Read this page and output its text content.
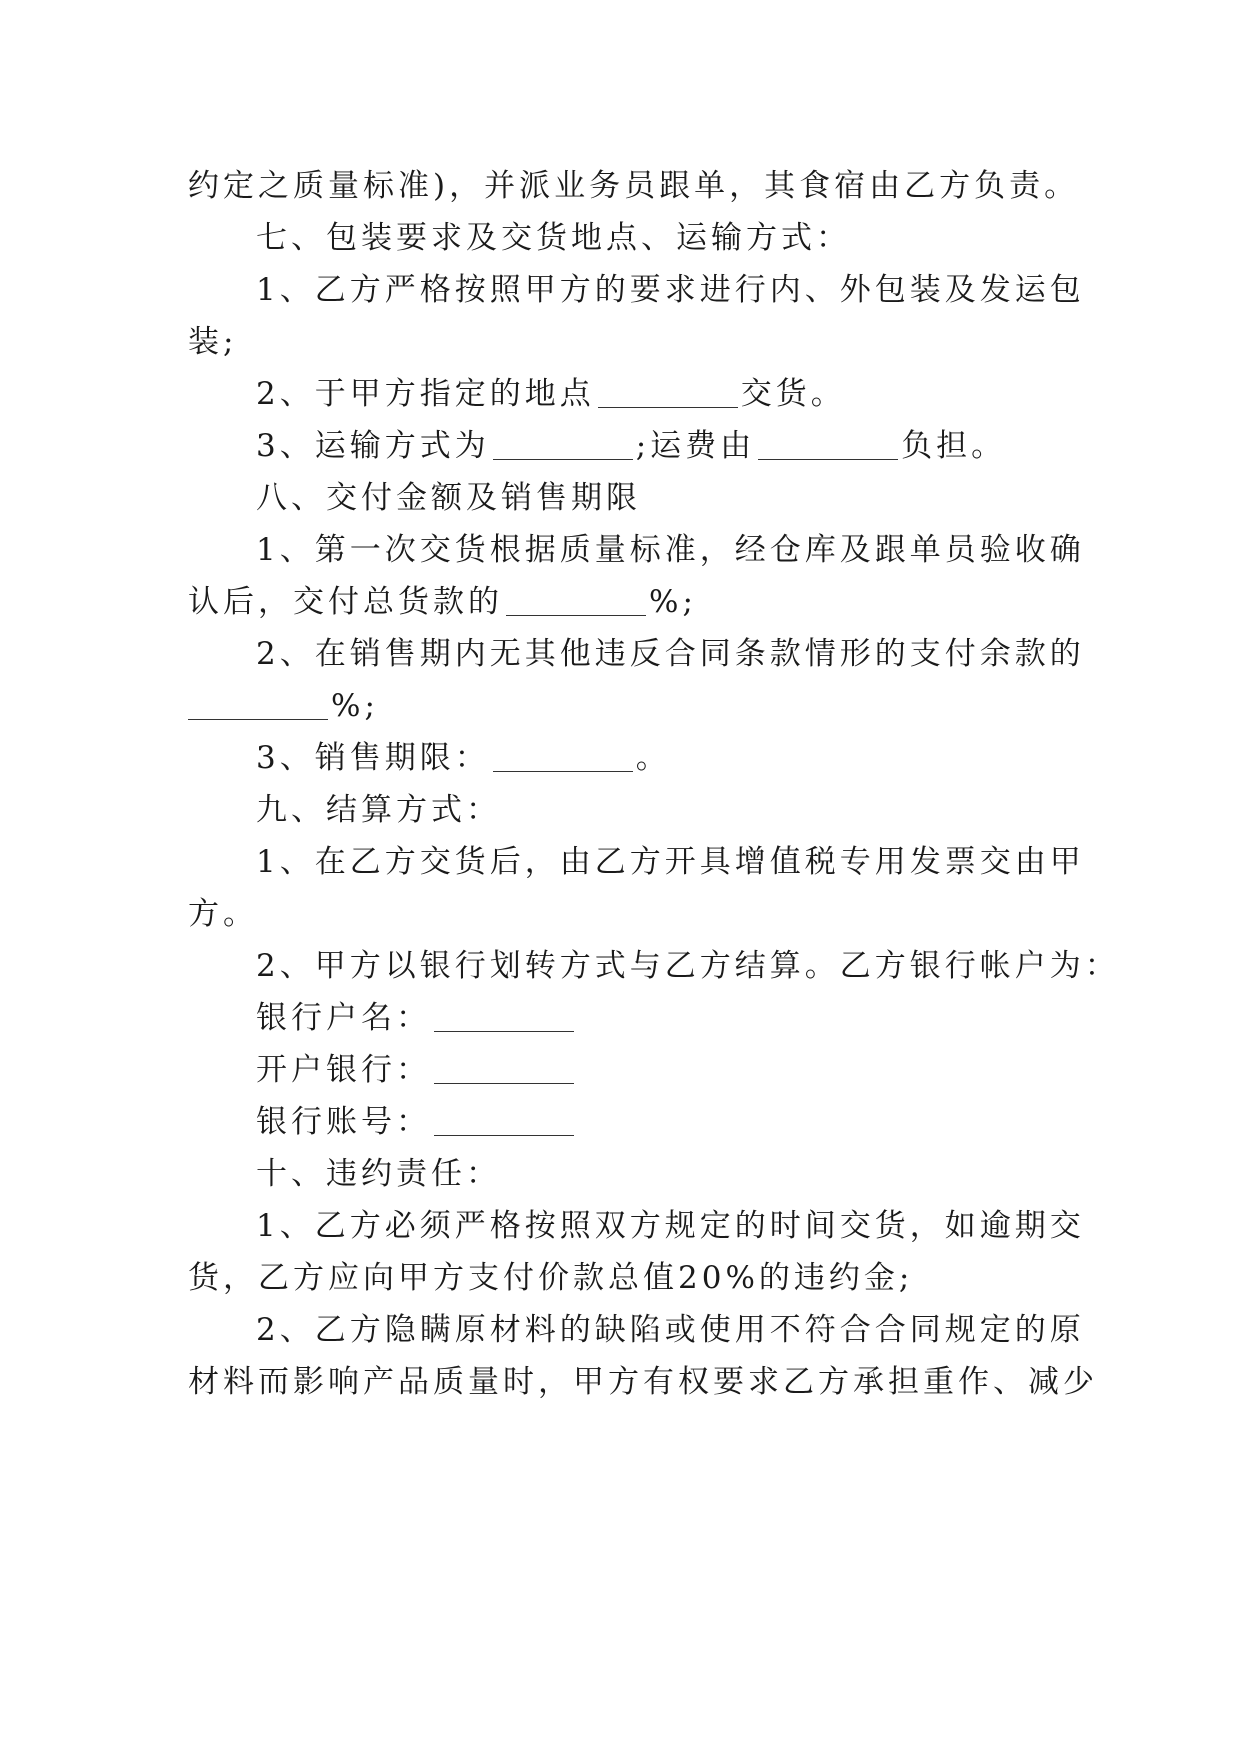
约定之质量标准)，并派业务员跟单，其食宿由乙方负责。
七、包装要求及交货地点、运输方式：
1、乙方严格按照甲方的要求进行内、外包装及发运包
装;
2、于甲方指定的地点	交货。
3、运输方式为	;运费由	负担。
八、交付金额及销售期限
1、第一次交货根据质量标准，经仓库及跟单员验收确
认后，交付总货款的	%;
2、在销售期内无其他违反合同条款情形的支付余款的
%;
3、销售期限：	。
九、结算方式：
1、在乙方交货后，由乙方开具增值税专用发票交由甲
方。
2、甲方以银行划转方式与乙方结算。乙方银行帐户为：
银行户名：
开户银行：
银行账号：
十、违约责任：
1、乙方必须严格按照双方规定的时间交货，如逾期交
货，乙方应向甲方支付价款总值20%的违约金;
2、乙方隐瞒原材料的缺陷或使用不符合合同规定的原
材料而影响产品质量时，甲方有权要求乙方承担重作、减少
